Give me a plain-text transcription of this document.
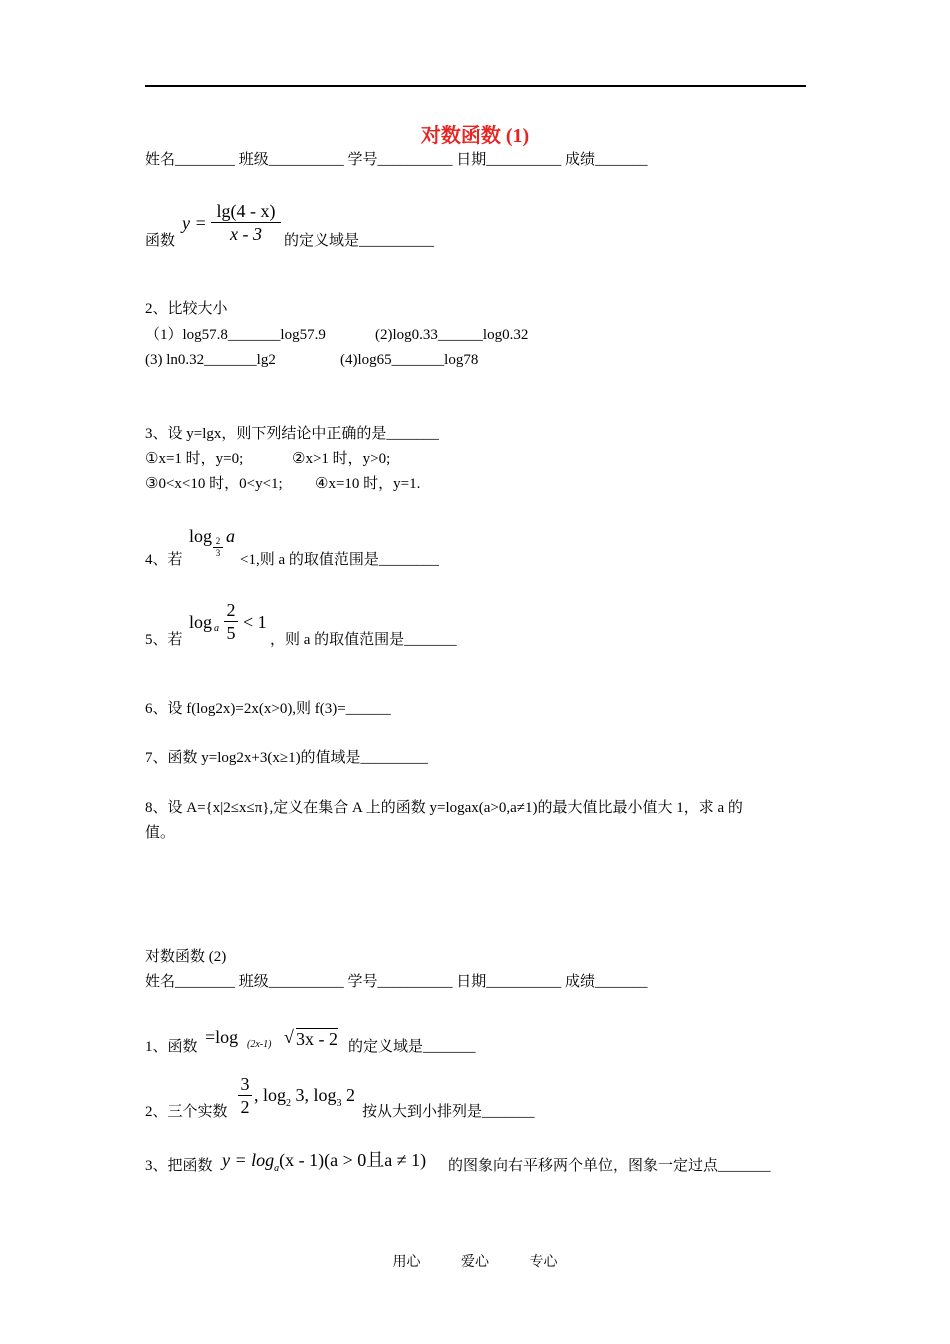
对数函数 (1)
姓名________ 班级__________ 学号__________ 日期__________ 成绩_______
函数
y =
lg(4 - x)
x - 3	的定义域是__________
2、比较大小
（1）log57.8_______log57.9	(2)log0.33______log0.32
(3) ln0.32_______lg2	(4)log65_______log78
3、设 y=lgx，则下列结论中正确的是_______
①x=1 时，y=0;	②x>1 时，y>0;
③0<x<10 时，0<y<1; ④x=10 时，y=1.
log 2
3
a
4、若	<1,则 a 的取值范围是________
log a
2
5
< 1
5、若	，则 a 的取值范围是_______
6、设 f(log2x)=2x(x>0),则 f(3)=______
7、函数 y=log2x+3(x≥1)的值域是_________
8、设 A={x|2≤x≤π},定义在集合 A 上的函数 y=logax(a>0,a≠1)的最大值比最小值大 1，求 a 的
值。
对数函数 (2)
姓名________ 班级__________ 学号__________ 日期__________ 成绩_______
1、函数 =log (2x-1) √ 3x - 2 的定义域是_______
2、三个实数
3
2
, $\log_2 3$, $\log_3 2$
按从大到小排列是_______
3、把函数 $y = \log_a(x - 1)(a > 0$且a ≠ 1) 的图象向右平移两个单位，图象一定过点_______
用心	爱心	专心
